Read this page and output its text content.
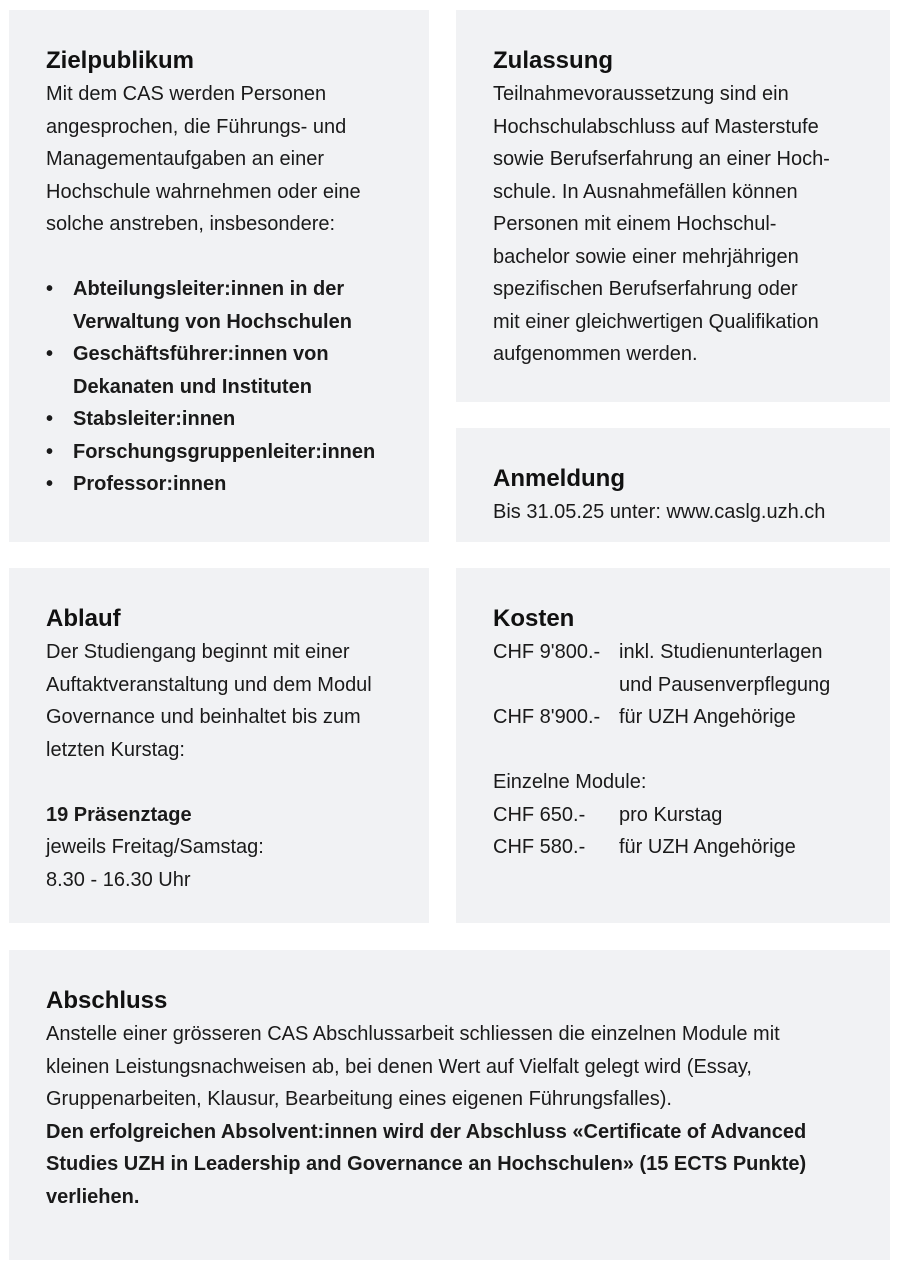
Zielpublikum

Mit dem CAS werden Personen

angesprochen, die Führungs- und

Managementaufgaben an einer

Hochschule wahrnehmen oder eine

solche anstreben, insbesondere:

• Abteilungsleiter:innen in der Verwaltung von Hochschulen
• Geschäftsführer:innen von Dekanaten und Instituten
• Stabsleiter:innen
• Forschungsgruppenleiter:innen
• Professor:innen
Zulassung

Teilnahmevoraussetzung sind ein

Hochschulabschluss auf Masterstufe

sowie Berufserfahrung an einer Hoch-

schule. In Ausnahmefällen können

Personen mit einem Hochschul-

bachelor sowie einer mehrjährigen

spezifischen Berufserfahrung oder

mit einer gleichwertigen Qualifikation

aufgenommen werden.

Anmeldung

Bis 31.05.25 unter: www.caslg.uzh.ch

Ablauf

Der Studiengang beginnt mit einer

Auftaktveranstaltung und dem Modul

Governance und beinhaltet bis zum

letzten Kurstag:

19 Präsenztage

jeweils Freitag/Samstag:

8.30 - 16.30 Uhr

Kosten
CHF 9'800.- inkl. Studienunterlagen
und Pausenverpflegung
CHF 8'900.- für UZH Angehörige

Einzelne Module:

CHF 650.-	pro Kurstag
CHF 580.-	für UZH Angehörige
Abschluss

Anstelle einer grösseren CAS Abschlussarbeit schliessen die einzelnen Module mit

kleinen Leistungsnachweisen ab, bei denen Wert auf Vielfalt gelegt wird (Essay,

Gruppenarbeiten, Klausur, Bearbeitung eines eigenen Führungsfalles).

Den erfolgreichen Absolvent:innen wird der Abschluss «Certificate of Advanced

Studies UZH in Leadership and Governance an Hochschulen» (15 ECTS Punkte)

verliehen.
